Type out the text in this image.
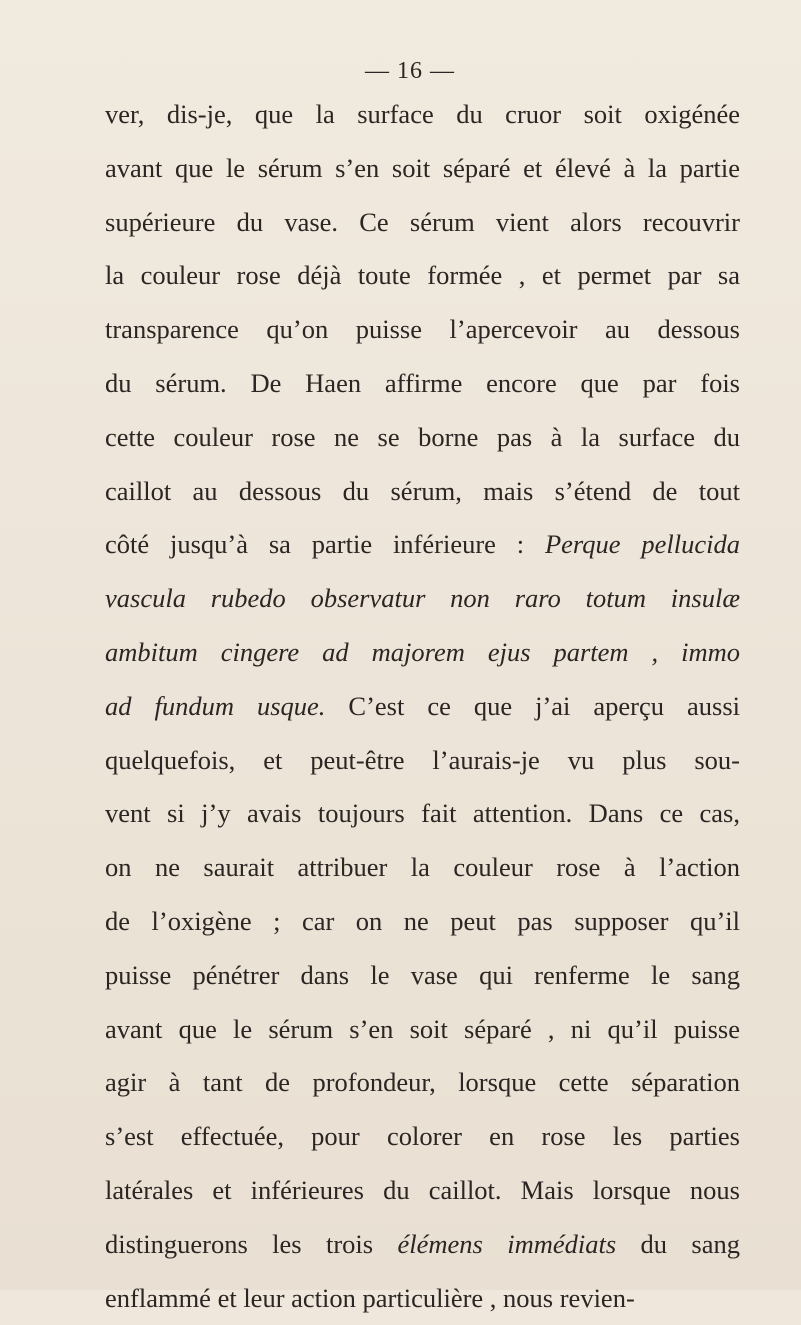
— 16 —
ver, dis-je, que la surface du cruor soit oxigénée
avant que le sérum s’en soit séparé et élevé à la partie
supérieure du vase. Ce sérum vient alors recouvrir
la couleur rose déjà toute formée , et permet par sa
transparence qu’on puisse l’apercevoir au dessous
du sérum. De Haen affirme encore que par fois
cette couleur rose ne se borne pas à la surface du
caillot au dessous du sérum, mais s’étend de tout
côté jusqu’à sa partie inférieure : Perque pellucida
vascula rubedo observatur non raro totum insulæ
ambitum cingere ad majorem ejus partem , immo
ad fundum usque. C’est ce que j’ai aperçu aussi
quelquefois, et peut-être l’aurais-je vu plus sou-
vent si j’y avais toujours fait attention. Dans ce cas,
on ne saurait attribuer la couleur rose à l’action
de l’oxigène ; car on ne peut pas supposer qu’il
puisse pénétrer dans le vase qui renferme le sang
avant que le sérum s’en soit séparé , ni qu’il puisse
agir à tant de profondeur, lorsque cette séparation
s’est effectuée, pour colorer en rose les parties
latérales et inférieures du caillot. Mais lorsque nous
distinguerons les trois élémens immédiats du sang
enflammé et leur action particulière , nous revien-
